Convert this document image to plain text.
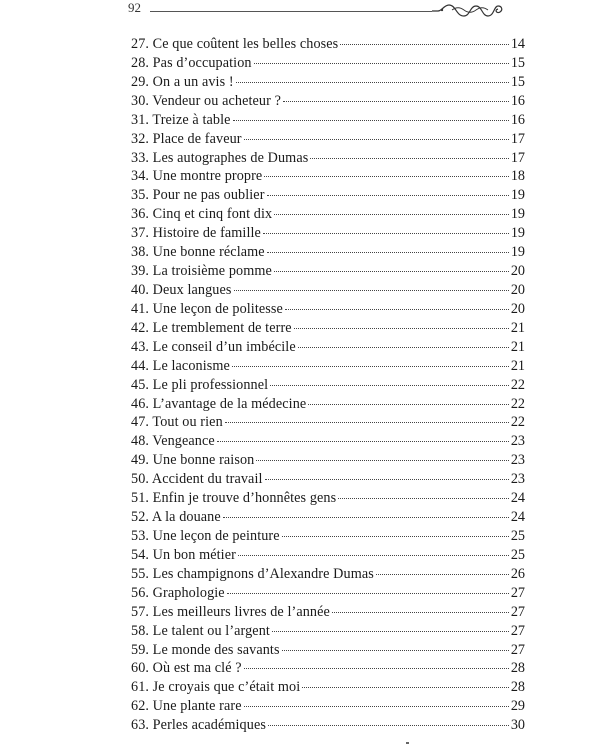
92
27. Ce que coûtent les belles choses	14
28. Pas d’occupation	15
29. On a un avis !	15
30. Vendeur ou acheteur ?	16
31. Treize à table	16
32. Place de faveur	17
33. Les autographes de Dumas	17
34. Une montre propre	18
35. Pour ne pas oublier	19
36. Cinq et cinq font dix	19
37. Histoire de famille	19
38. Une bonne réclame	19
39. La troisième pomme	20
40. Deux langues	20
41. Une leçon de politesse	20
42. Le tremblement de terre	21
43. Le conseil d’un imbécile	21
44. Le laconisme	21
45. Le pli professionnel	22
46. L’avantage de la médecine	22
47. Tout ou rien	22
48. Vengeance	23
49. Une bonne raison	23
50. Accident du travail	23
51. Enfin je trouve d’honnêtes gens	24
52. A la douane	24
53. Une leçon de peinture	25
54. Un bon métier	25
55. Les champignons d’Alexandre Dumas	26
56. Graphologie	27
57. Les meilleurs livres de l’année	27
58. Le talent ou l’argent	27
59. Le monde des savants	27
60. Où est ma clé ?	28
61. Je croyais que c’était moi	28
62. Une plante rare	29
63. Perles académiques	30
